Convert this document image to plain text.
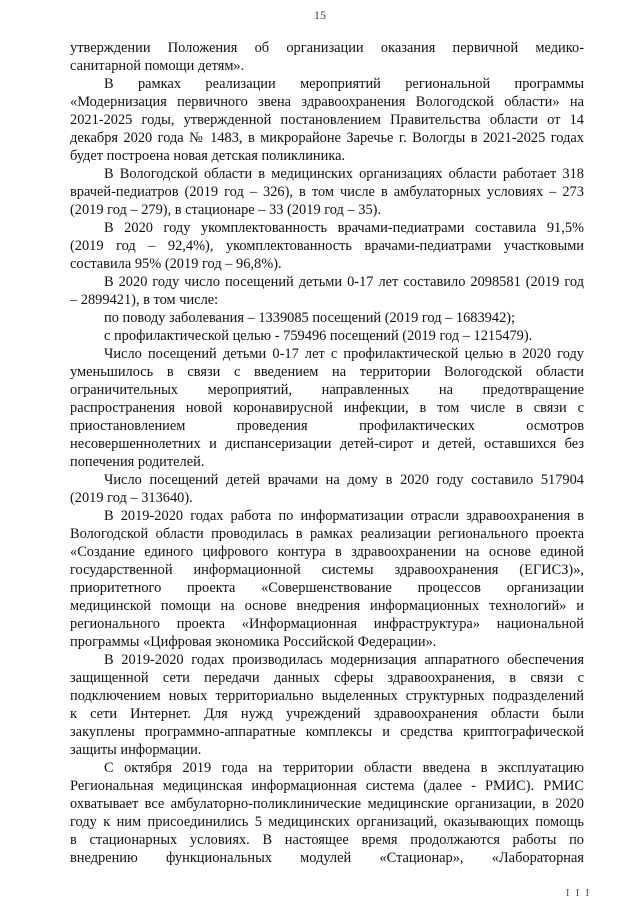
15
утверждении Положения об организации оказания первичной медико-
санитарной помощи детям».
В рамках реализации мероприятий региональной программы
«Модернизация первичного звена здравоохранения Вологодской области» на
2021-2025 годы, утвержденной постановлением Правительства области от 14
декабря 2020 года № 1483, в микрорайоне Заречье г. Вологды в 2021-2025 годах
будет построена новая детская поликлиника.
В Вологодской области в медицинских организациях области работает 318
врачей-педиатров (2019 год – 326), в том числе в амбулаторных условиях – 273
(2019 год – 279), в стационаре – 33 (2019 год – 35).
В 2020 году укомплектованность врачами-педиатрами составила 91,5%
(2019 год – 92,4%), укомплектованность врачами-педиатрами участковыми
составила 95% (2019 год – 96,8%).
В 2020 году число посещений детьми 0-17 лет составило 2098581 (2019 год
– 2899421), в том числе:
по поводу заболевания – 1339085 посещений (2019 год – 1683942);
с профилактической целью - 759496 посещений (2019 год – 1215479).
Число посещений детьми 0-17 лет с профилактической целью в 2020 году
уменьшилось в связи с введением на территории Вологодской области
ограничительных мероприятий, направленных на предотвращение
распространения новой коронавирусной инфекции, в том числе в связи с
приостановлением проведения профилактических осмотров
несовершеннолетних и диспансеризации детей-сирот и детей, оставшихся без
попечения родителей.
Число посещений детей врачами на дому в 2020 году составило 517904
(2019 год – 313640).
В 2019-2020 годах работа по информатизации отрасли здравоохранения в
Вологодской области проводилась в рамках реализации регионального проекта
«Создание единого цифрового контура в здравоохранении на основе единой
государственной информационной системы здравоохранения (ЕГИСЗ)»,
приоритетного проекта «Совершенствование процессов организации
медицинской помощи на основе внедрения информационных технологий» и
регионального проекта «Информационная инфраструктура» национальной
программы «Цифровая экономика Российской Федерации».
В 2019-2020 годах производилась модернизация аппаратного обеспечения
защищенной сети передачи данных сферы здравоохранения, в связи с
подключением новых территориально выделенных структурных подразделений
к сети Интернет. Для нужд учреждений здравоохранения области были
закуплены программно-аппаратные комплексы и средства криптографической
защиты информации.
С октября 2019 года на территории области введена в эксплуатацию
Региональная медицинская информационная система (далее - РМИС). РМИС
охватывает все амбулаторно-поликлинические медицинские организации, в 2020
году к ним присоединились 5 медицинских организаций, оказывающих помощь
в стационарных условиях. В настоящее время продолжаются работы по
внедрению функциональных модулей «Стационар», «Лабораторная
I I I
